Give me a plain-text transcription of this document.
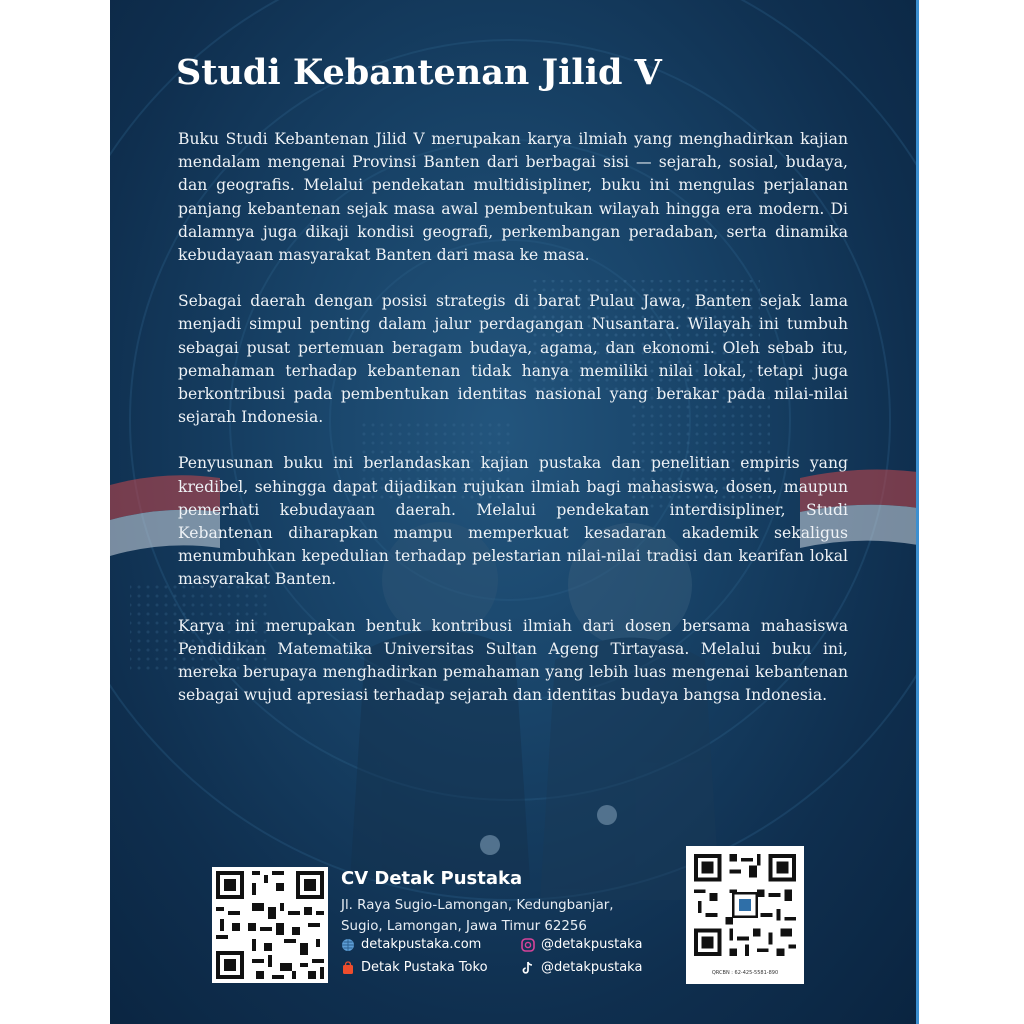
Studi Kebantenan Jilid V

Buku Studi Kebantenan Jilid V merupakan karya ilmiah yang menghadirkan kajian mendalam mengenai Provinsi Banten dari berbagai sisi — sejarah, sosial, budaya, dan geografis. Melalui pendekatan multidisipliner, buku ini mengulas perjalanan panjang kebantenan sejak masa awal pembentukan wilayah hingga era modern. Di dalamnya juga dikaji kondisi geografi, perkembangan peradaban, serta dinamika kebudayaan masyarakat Banten dari masa ke masa.

Sebagai daerah dengan posisi strategis di barat Pulau Jawa, Banten sejak lama menjadi simpul penting dalam jalur perdagangan Nusantara. Wilayah ini tumbuh sebagai pusat pertemuan beragam budaya, agama, dan ekonomi. Oleh sebab itu, pemahaman terhadap kebantenan tidak hanya memiliki nilai lokal, tetapi juga berkontribusi pada pembentukan identitas nasional yang berakar pada nilai-nilai sejarah Indonesia.

Penyusunan buku ini berlandaskan kajian pustaka dan penelitian empiris yang kredibel, sehingga dapat dijadikan rujukan ilmiah bagi mahasiswa, dosen, maupun pemerhati kebudayaan daerah. Melalui pendekatan interdisipliner, Studi Kebantenan diharapkan mampu memperkuat kesadaran akademik sekaligus menumbuhkan kepedulian terhadap pelestarian nilai-nilai tradisi dan kearifan lokal masyarakat Banten.

Karya ini merupakan bentuk kontribusi ilmiah dari dosen bersama mahasiswa Pendidikan Matematika Universitas Sultan Ageng Tirtayasa. Melalui buku ini, mereka berupaya menghadirkan pemahaman yang lebih luas mengenai kebantenan sebagai wujud apresiasi terhadap sejarah dan identitas budaya bangsa Indonesia.

CV Detak Pustaka

Jl. Raya Sugio-Lamongan, Kedungbanjar,

Sugio, Lamongan, Jawa Timur 62256

detakpustaka.com	@detakpustaka
Detak Pustaka Toko	@detakpustaka	QRCBN : 62-425-5581-890
